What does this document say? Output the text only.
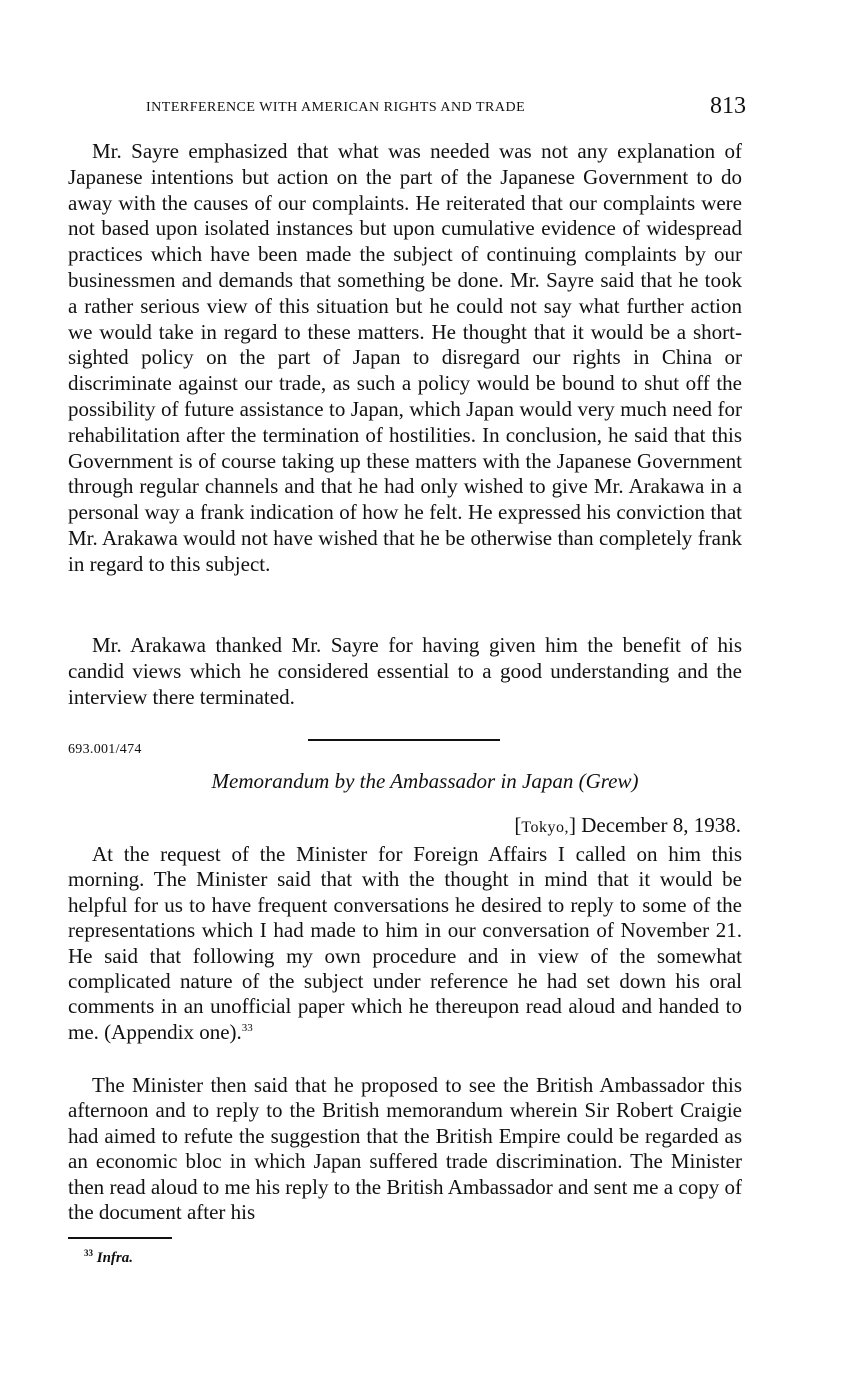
INTERFERENCE WITH AMERICAN RIGHTS AND TRADE	813

Mr. Sayre emphasized that what was needed was not any explanation of Japanese intentions but action on the part of the Japanese Government to do away with the causes of our complaints. He reiterated that our complaints were not based upon isolated instances but upon cumulative evidence of widespread practices which have been made the subject of continuing complaints by our businessmen and demands that something be done. Mr. Sayre said that he took a rather serious view of this situation but he could not say what further action we would take in regard to these matters. He thought that it would be a short-sighted policy on the part of Japan to disregard our rights in China or discriminate against our trade, as such a policy would be bound to shut off the possibility of future assistance to Japan, which Japan would very much need for rehabilitation after the termination of hostilities. In conclusion, he said that this Government is of course taking up these matters with the Japanese Government through regular channels and that he had only wished to give Mr. Arakawa in a personal way a frank indication of how he felt. He expressed his conviction that Mr. Arakawa would not have wished that he be otherwise than completely frank in regard to this subject.

Mr. Arakawa thanked Mr. Sayre for having given him the benefit of his candid views which he considered essential to a good understanding and the interview there terminated.

693.001/474
Memorandum by the Ambassador in Japan (Grew)
[Tokyo,] December 8, 1938.

At the request of the Minister for Foreign Affairs I called on him this morning. The Minister said that with the thought in mind that it would be helpful for us to have frequent conversations he desired to reply to some of the representations which I had made to him in our conversation of November 21. He said that following my own procedure and in view of the somewhat complicated nature of the subject under reference he had set down his oral comments in an unofficial paper which he thereupon read aloud and handed to me. (Appendix one).$^{33}$

The Minister then said that he proposed to see the British Ambassador this afternoon and to reply to the British memorandum wherein Sir Robert Craigie had aimed to refute the suggestion that the British Empire could be regarded as an economic bloc in which Japan suffered trade discrimination. The Minister then read aloud to me his reply to the British Ambassador and sent me a copy of the document after his

$^{33}$ Infra.
